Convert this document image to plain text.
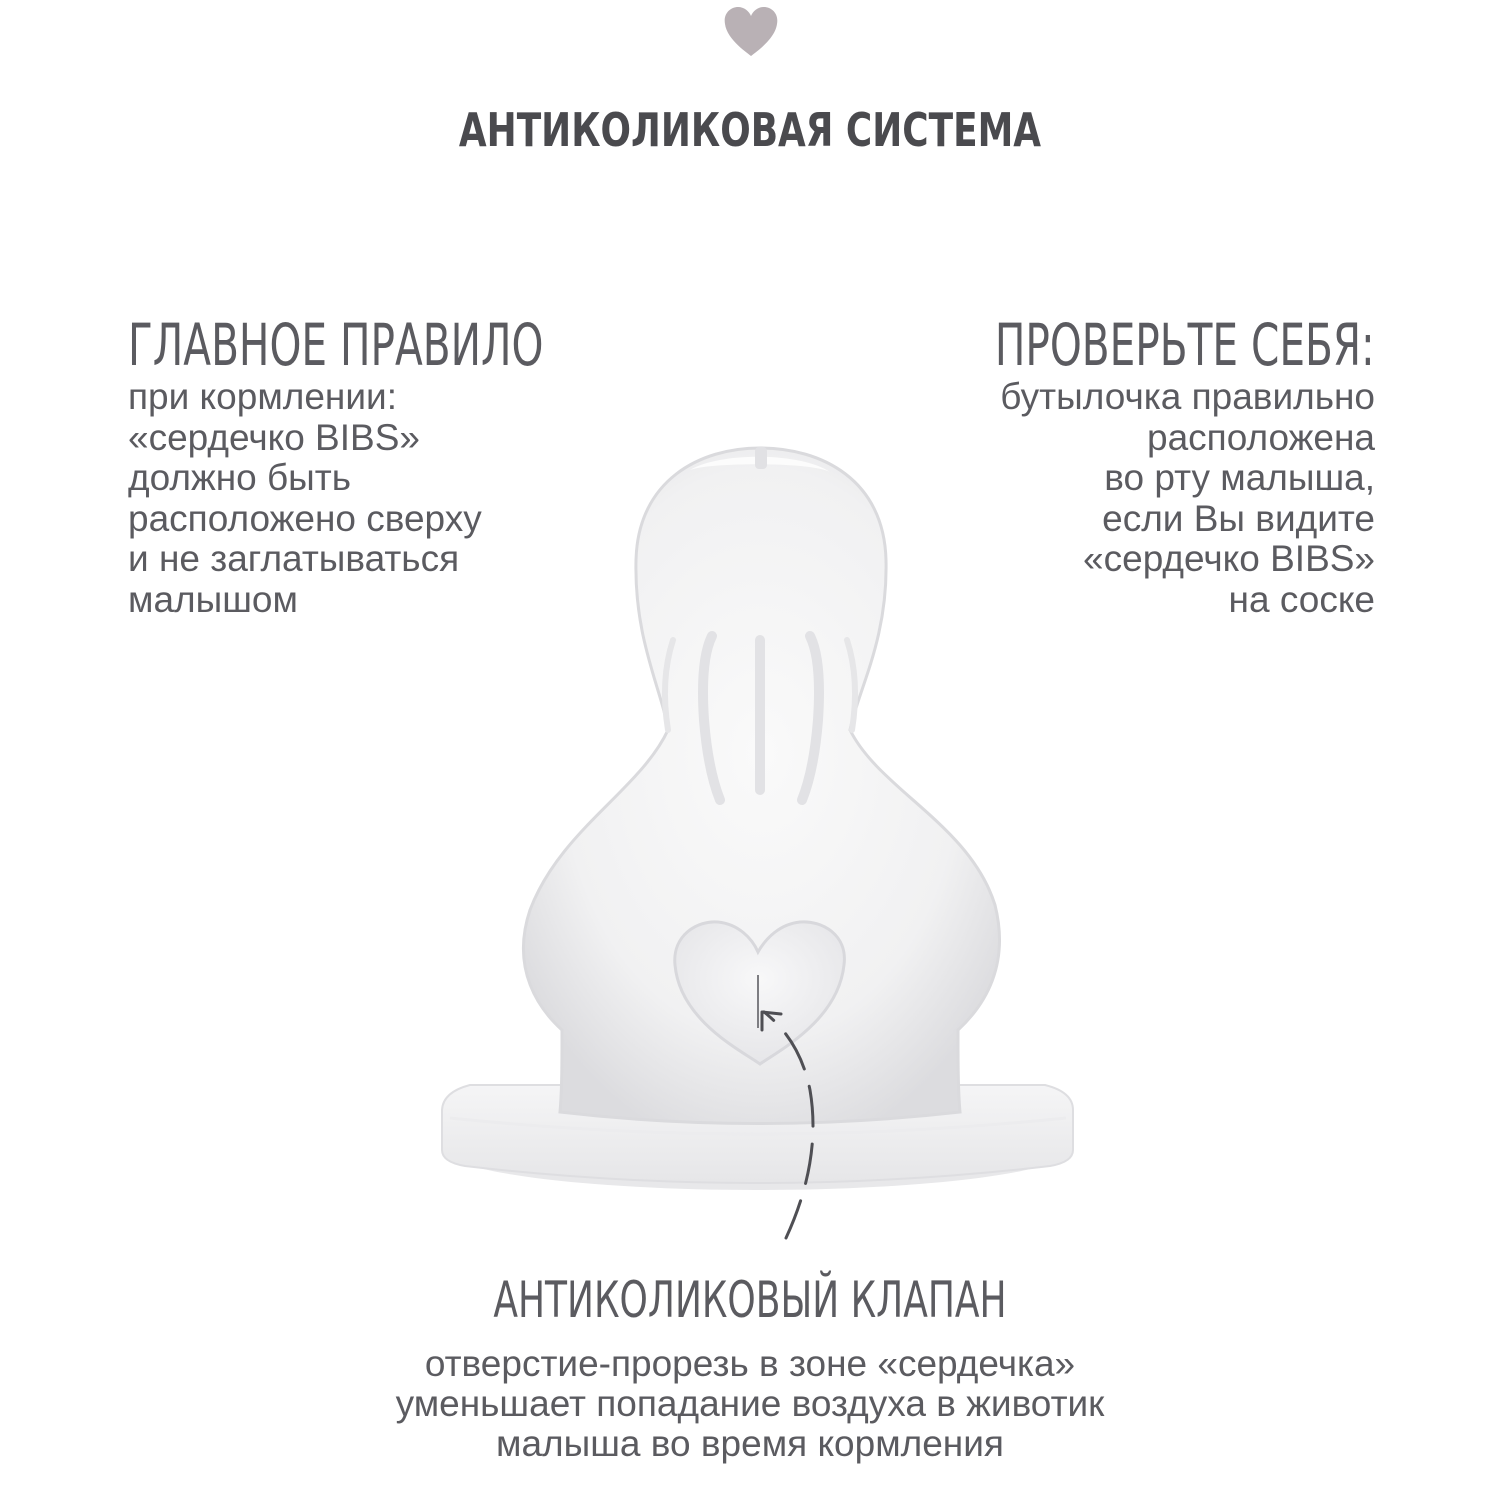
АНТИКОЛИКОВАЯ СИСТЕМА
ГЛАВНОЕ ПРАВИЛО
при кормлении:
«сердечко BIBS»
должно быть
расположено сверху
и не заглатываться
малышом
ПРОВЕРЬТЕ СЕБЯ:
бутылочка правильно
расположена
во рту малыша,
если Вы видите
«сердечко BIBS»
на соске
АНТИКОЛИКОВЫЙ КЛАПАН
отверстие-прорезь в зоне «сердечка»
уменьшает попадание воздуха в животик
малыша во время кормления
